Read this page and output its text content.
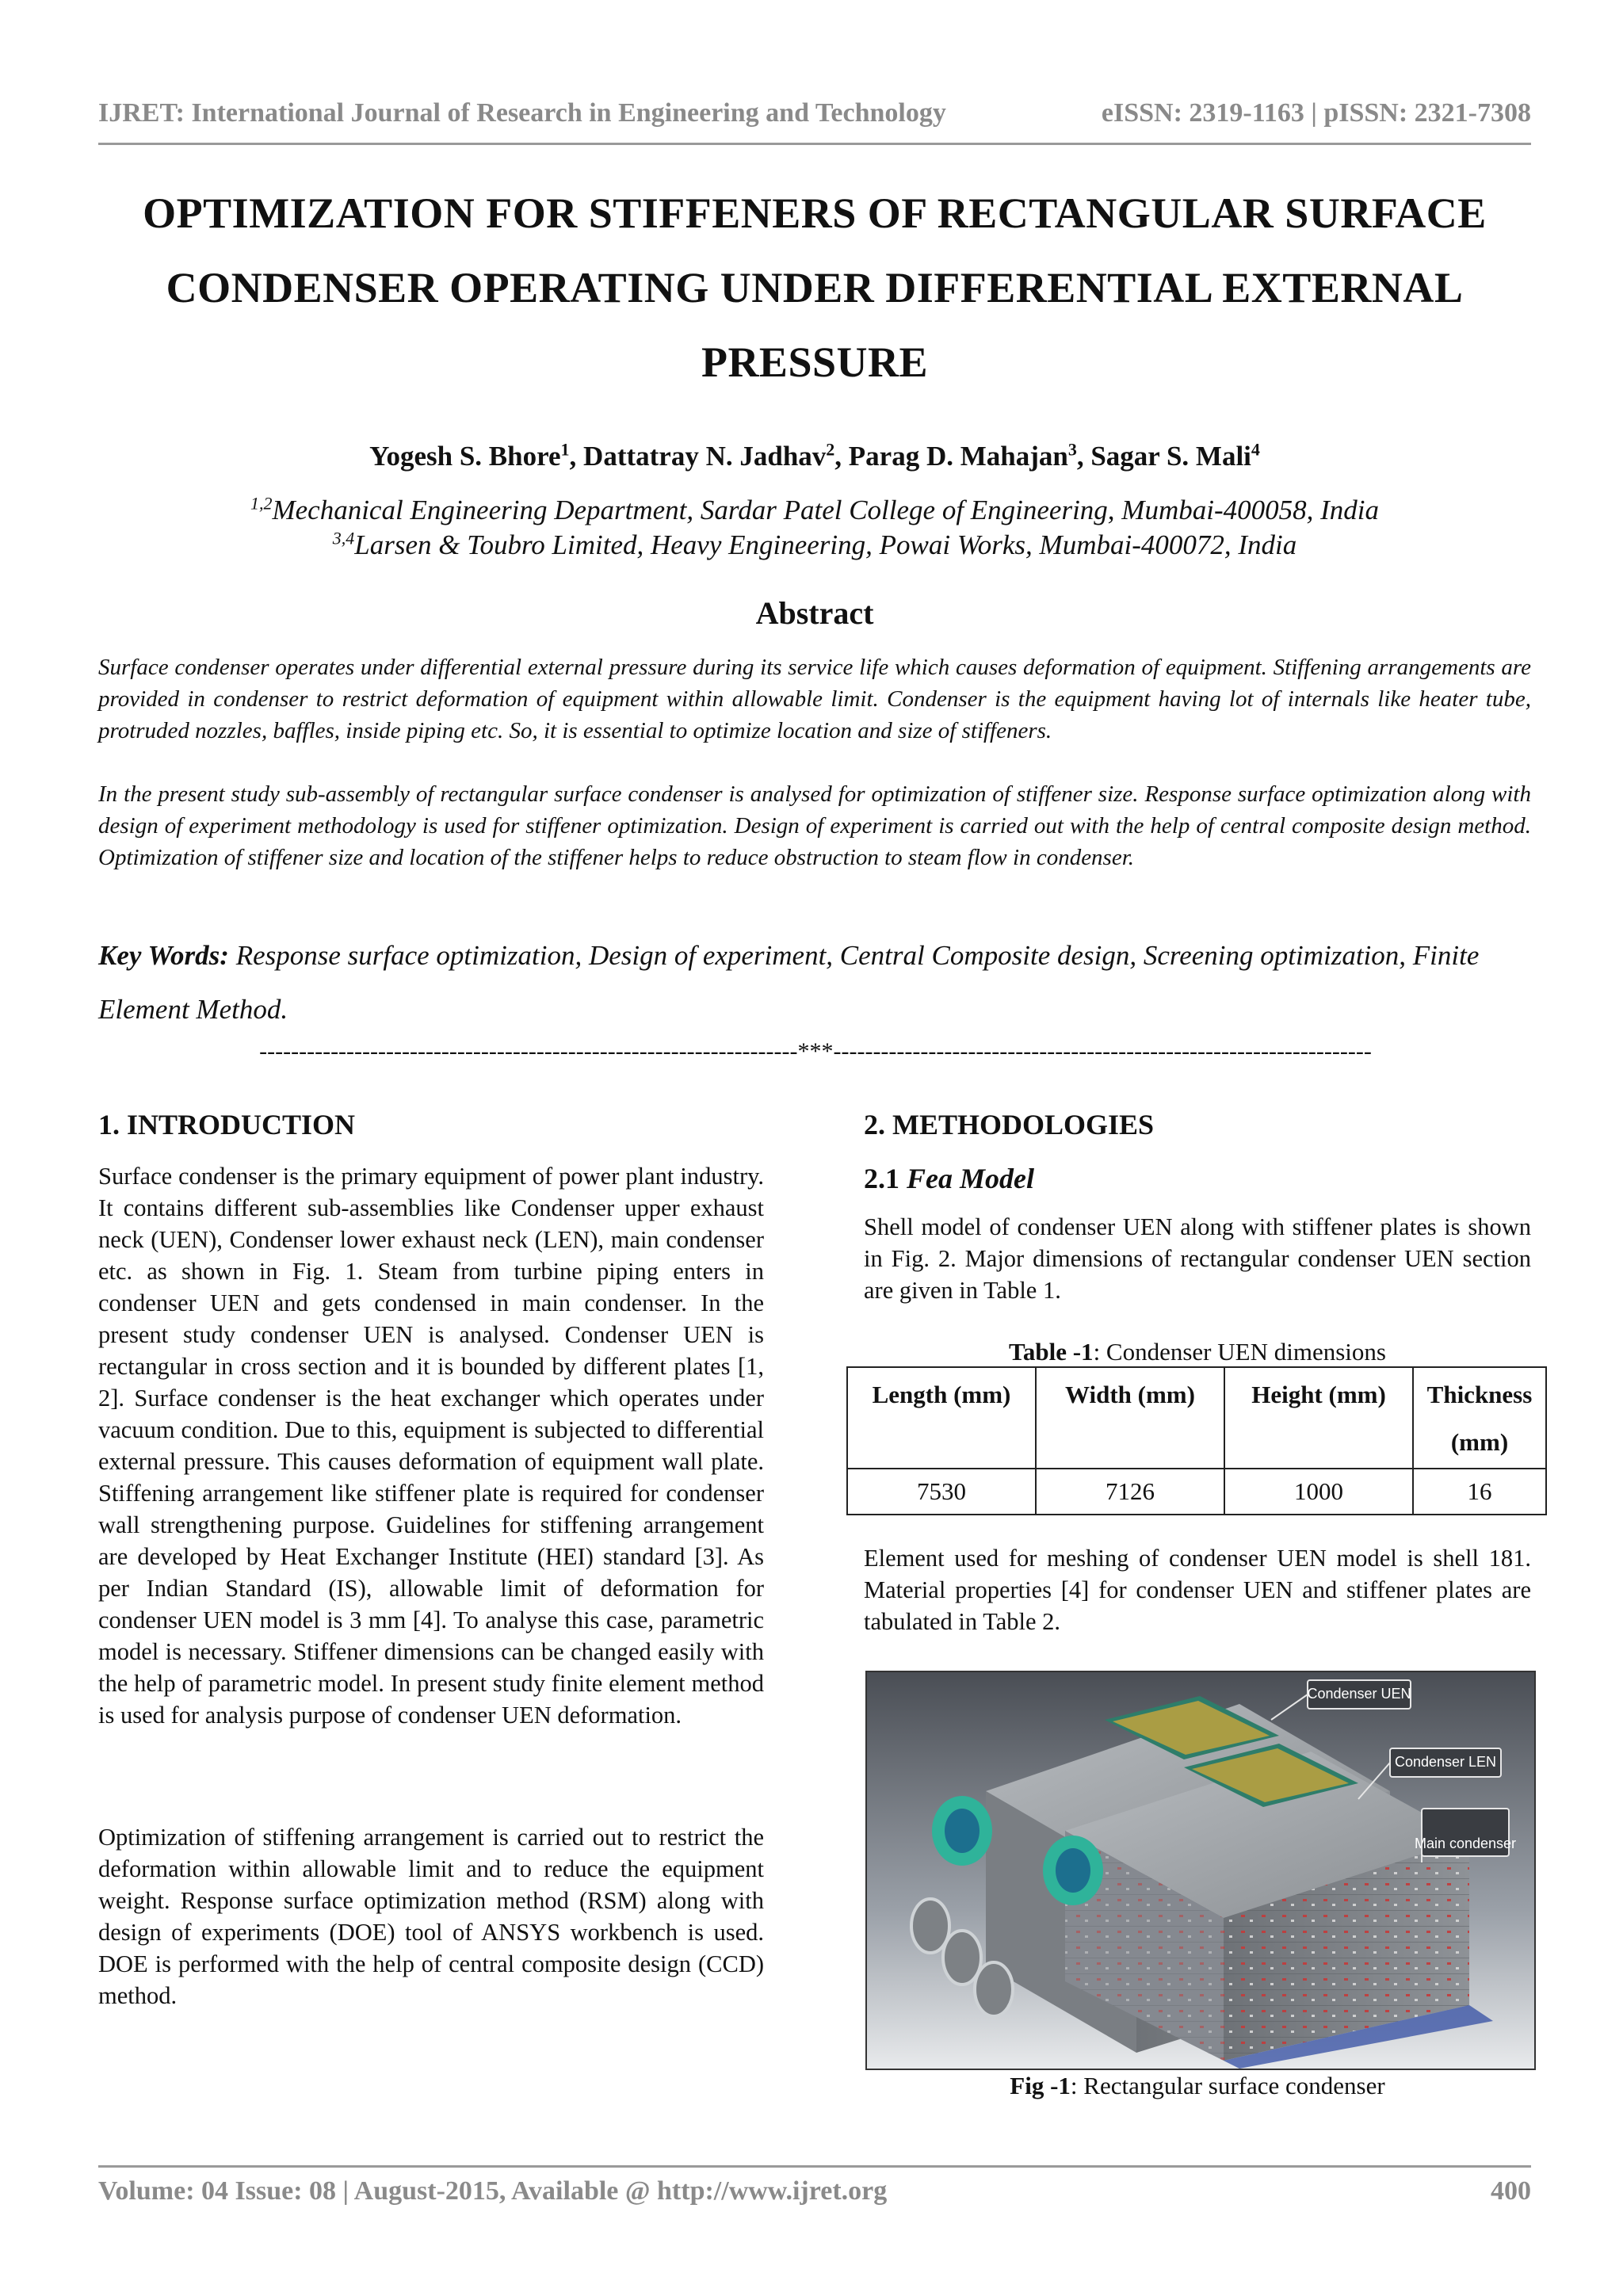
IJRET: International Journal of Research in Engineering and Technology	eISSN: 2319-1163 | pISSN: 2321-7308
OPTIMIZATION FOR STIFFENERS OF RECTANGULAR SURFACE CONDENSER OPERATING UNDER DIFFERENTIAL EXTERNAL PRESSURE
Yogesh S. Bhore$^1$, Dattatray N. Jadhav$^2$, Parag D. Mahajan$^3$, Sagar S. Mali$^4$
$^{1,2}$Mechanical Engineering Department, Sardar Patel College of Engineering, Mumbai-400058, India
$^{3,4}$Larsen & Toubro Limited, Heavy Engineering, Powai Works, Mumbai-400072, India
Abstract
Surface condenser operates under differential external pressure during its service life which causes deformation of equipment. Stiffening arrangements are provided in condenser to restrict deformation of equipment within allowable limit. Condenser is the equipment having lot of internals like heater tube, protruded nozzles, baffles, inside piping etc. So, it is essential to optimize location and size of stiffeners.
In the present study sub-assembly of rectangular surface condenser is analysed for optimization of stiffener size. Response surface optimization along with design of experiment methodology is used for stiffener optimization. Design of experiment is carried out with the help of central composite design method. Optimization of stiffener size and location of the stiffener helps to reduce obstruction to steam flow in condenser.
Key Words: Response surface optimization, Design of experiment, Central Composite design, Screening optimization, Finite Element Method.
--------------------------------------------------------------------***--------------------------------------------------------------------
1. INTRODUCTION
Surface condenser is the primary equipment of power plant industry. It contains different sub-assemblies like Condenser upper exhaust neck (UEN), Condenser lower exhaust neck (LEN), main condenser etc. as shown in Fig. 1. Steam from turbine piping enters in condenser UEN and gets condensed in main condenser. In the present study condenser UEN is analysed. Condenser UEN is rectangular in cross section and it is bounded by different plates [1, 2]. Surface condenser is the heat exchanger which operates under vacuum condition. Due to this, equipment is subjected to differential external pressure. This causes deformation of equipment wall plate. Stiffening arrangement like stiffener plate is required for condenser wall strengthening purpose. Guidelines for stiffening arrangement are developed by Heat Exchanger Institute (HEI) standard [3]. As per Indian Standard (IS), allowable limit of deformation for condenser UEN model is 3 mm [4]. To analyse this case, parametric model is necessary. Stiffener dimensions can be changed easily with the help of parametric model. In present study finite element method is used for analysis purpose of condenser UEN deformation.
Optimization of stiffening arrangement is carried out to restrict the deformation within allowable limit and to reduce the equipment weight. Response surface optimization method (RSM) along with design of experiments (DOE) tool of ANSYS workbench is used. DOE is performed with the help of central composite design (CCD) method.
2. METHODOLOGIES
2.1 Fea Model
Shell model of condenser UEN along with stiffener plates is shown in Fig. 2. Major dimensions of rectangular condenser UEN section are given in Table 1.
Table -1: Condenser UEN dimensions
Length (mm)	Width (mm)	Height (mm)	Thickness (mm)
7530	7126	1000	16
Element used for meshing of condenser UEN model is shell 181. Material properties [4] for condenser UEN and stiffener plates are tabulated in Table 2.
Condenser UEN
Condenser LEN
Main condenser
Fig -1: Rectangular surface condenser
Volume: 04 Issue: 08 | August-2015, Available @ http://www.ijret.org	400
